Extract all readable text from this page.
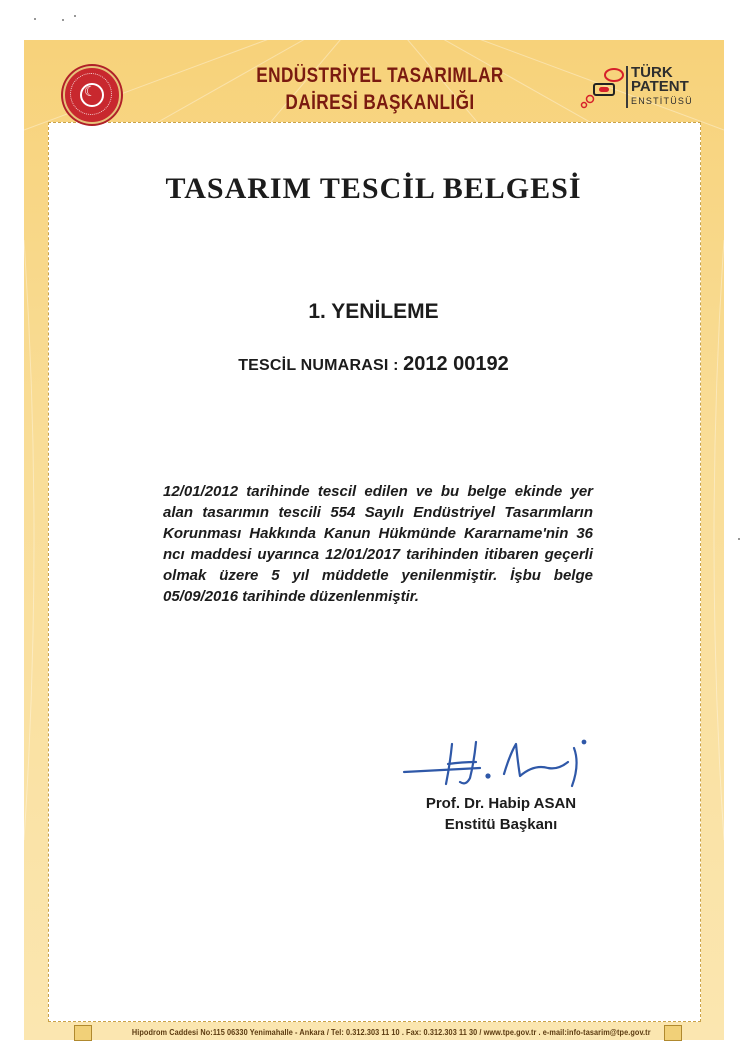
☾
ENDÜSTRİYEL TASARIMLAR
DAİRESİ BAŞKANLIĞI
TÜRK
PATENT
ENSTİTÜSÜ
TASARIM TESCİL BELGESİ
1. YENİLEME
TESCİL NUMARASI : 2012 00192

12/01/2012 tarihinde tescil edilen ve bu belge ekinde yer alan tasarımın tescili 554 Sayılı Endüstriyel Tasarımların Korunması Hakkında Kanun Hükmünde Kararname'nin 36 ncı maddesi uyarınca 12/01/2017 tarihinden itibaren geçerli olmak üzere 5 yıl müddetle yenilenmiştir. İşbu belge 05/09/2016 tarihinde düzenlenmiştir.

Prof. Dr. Habip ASAN
Enstitü Başkanı
Hipodrom Caddesi No:115 06330 Yenimahalle - Ankara / Tel: 0.312.303 11 10 . Fax: 0.312.303 11 30 / www.tpe.gov.tr . e-mail:info-tasarim@tpe.gov.tr
